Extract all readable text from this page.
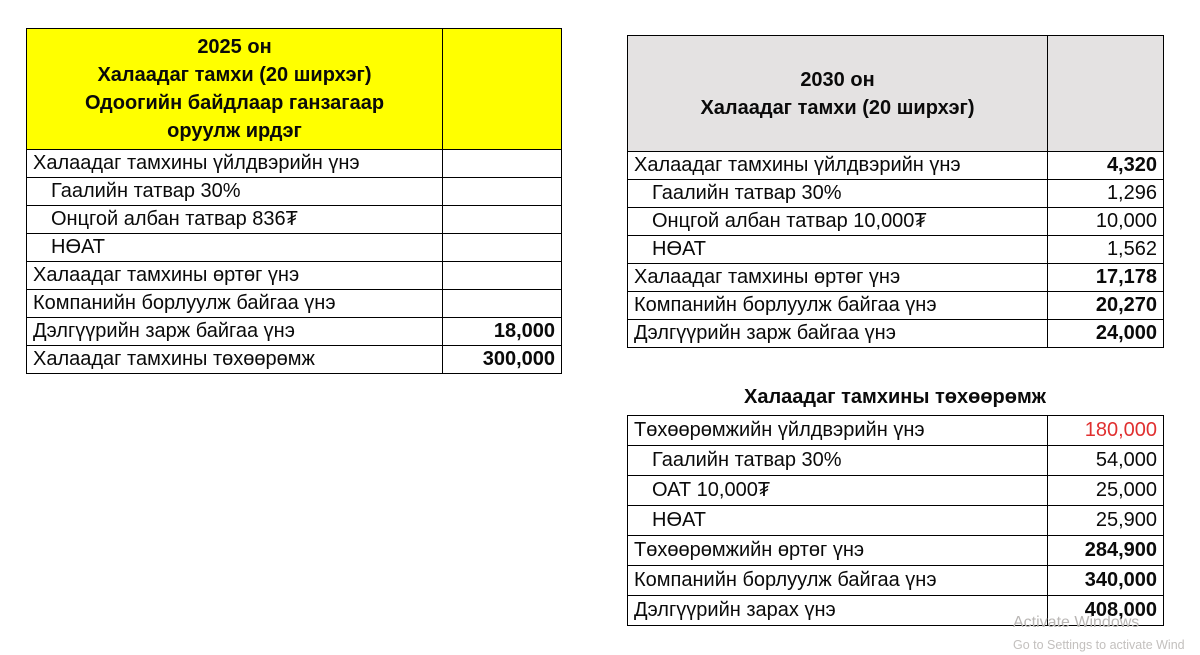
2025 он
Халаадаг тамхи (20 ширхэг)
Одоогийн байдлаар ганзагаар
оруулж ирдэг	

Халаадаг тамхины үйлдвэрийн үнэ	
Гаалийн татвар 30%	
Онцгой албан татвар 836₮	
НӨАТ	
Халаадаг тамхины өртөг үнэ	
Компанийн борлуулж байгаа үнэ	
Дэлгүүрийн зарж байгаа үнэ	18,000
Халаадаг тамхины төхөөрөмж	300,000
2030 он
Халаадаг тамхи (20 ширхэг)	

Халаадаг тамхины үйлдвэрийн үнэ	4,320
Гаалийн татвар 30%	1,296
Онцгой албан татвар 10,000₮	10,000
НӨАТ	1,562
Халаадаг тамхины өртөг үнэ	17,178
Компанийн борлуулж байгаа үнэ	20,270
Дэлгүүрийн зарж байгаа үнэ	24,000
Халаадаг тамхины төхөөрөмж
Төхөөрөмжийн үйлдвэрийн үнэ	180,000
Гаалийн татвар 30%	54,000
ОАТ 10,000₮	25,000
НӨАТ	25,900
Төхөөрөмжийн өртөг үнэ	284,900
Компанийн борлуулж байгаа үнэ	340,000
Дэлгүүрийн зарах үнэ	408,000
Activate Windows
Go to Settings to activate Wind
